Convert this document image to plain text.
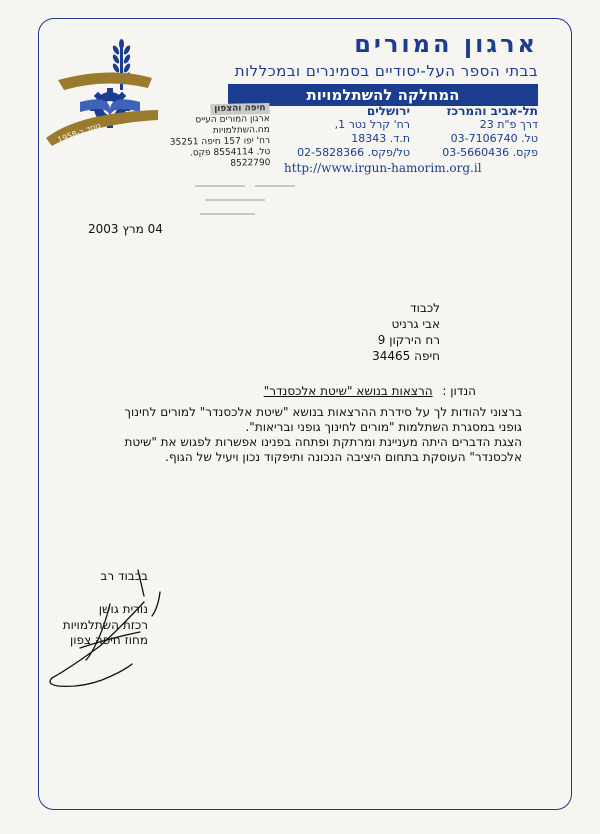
נוסד ב-1958
ארגון המורים
בבתי הספר העל-יסודיים בסמינרים ובמכללות
המחלקה להשתלמויות
תל-אביב והמרכז
דרך פ"ת 23
טל. 03-7106740
פקס. 03-5660436
ירושלים
רח' קרל נטר 1,
ת.ד. 18343
טל/פקס. 02-5828366
חיפה והצפון
ארגון המורים העייס מח.השתלמויות
רח' יפו 157 חיפה 35251
טל. 8554114 פקס. 8522790 http://www.irgun-hamorim.org.il
04 מרץ 2003
לכבוד
אבי גרניט
רח הירקון 9
חיפה 34465
הנדון : הרצאות בנושא "שיטת אלכסנדר"

ברצוני להודות לך על סידרת ההרצאות בנושא "שיטת אלכסנדר" למורים לחינוך

גופני במסגרת השתלמות "מורים לחינוך גופני ובריאות".

הצגת הדברים היתה מעניינת ומרתקת ופתחה בפנינו אפשרות לפגוש את "שיטת

אלכסנדר" העוסקת בתחום היציבה הנכונה ותיפקוד נכון ויעיל של הגוף.

בכבוד רב
נורית גושן
רכזת השתלמויות
מחוז חיפה צפון
